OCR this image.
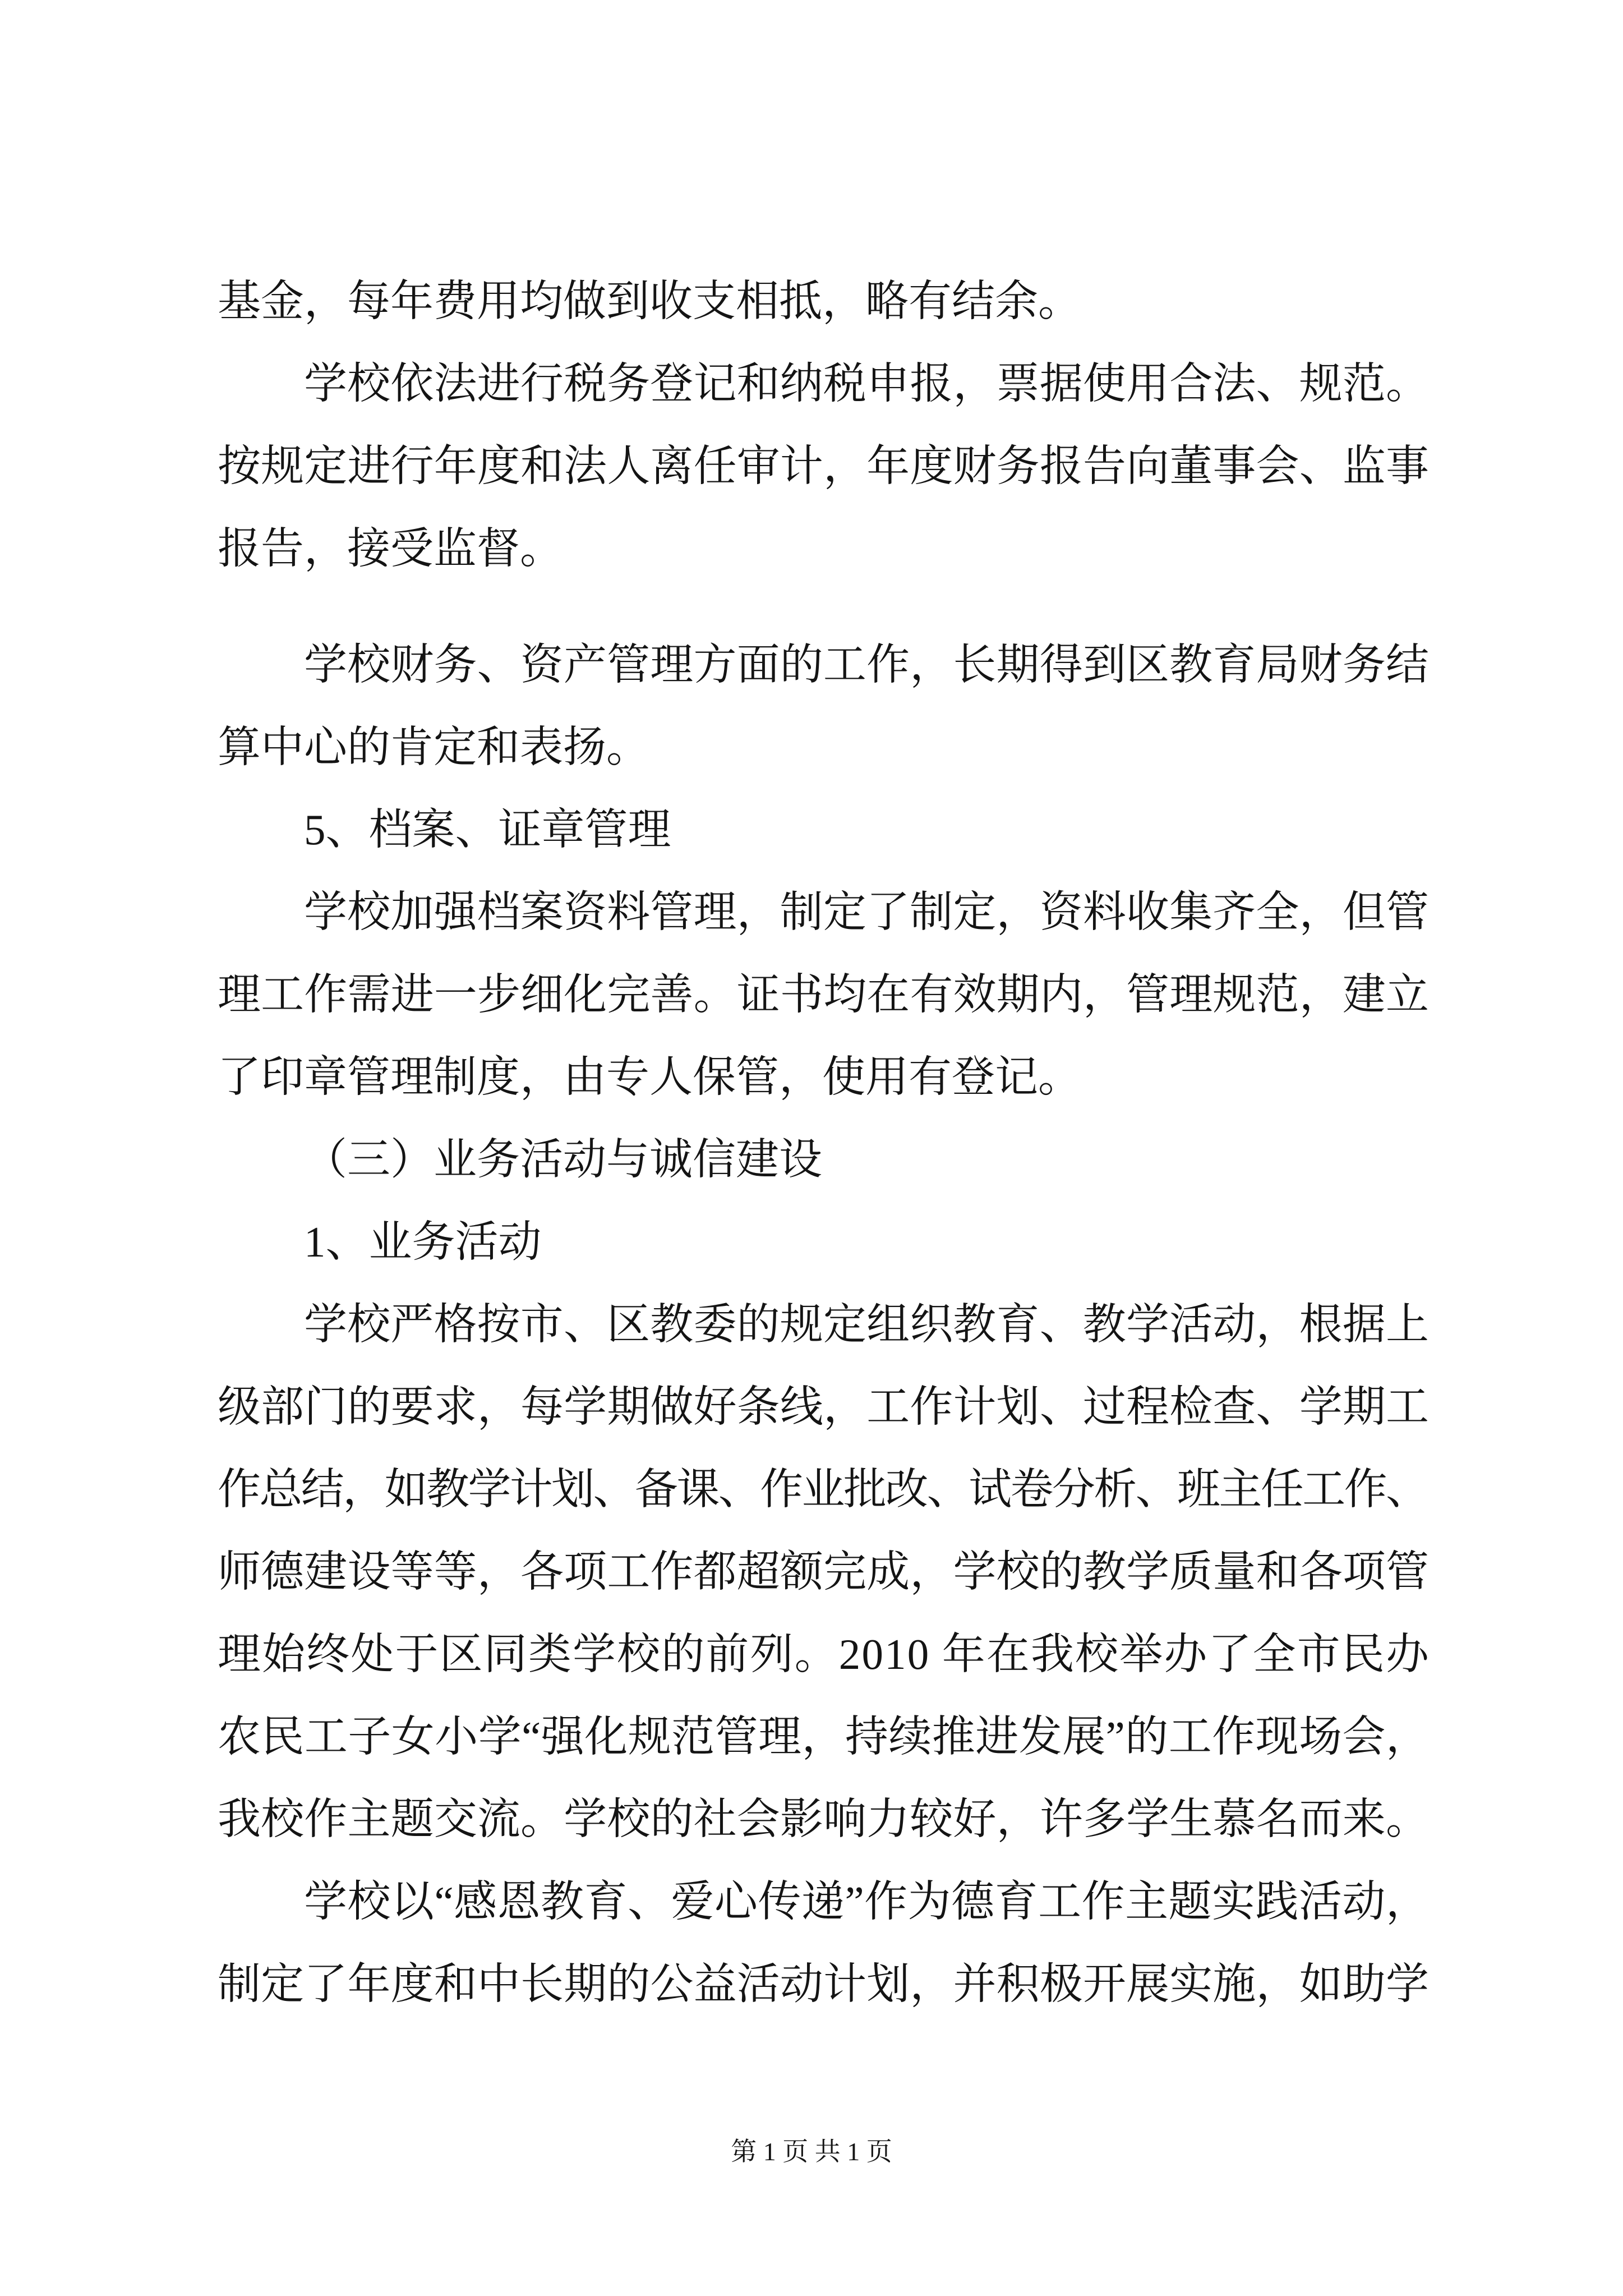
基金，每年费用均做到收支相抵，略有结余。
学校依法进行税务登记和纳税申报，票据使用合法、规范。
按规定进行年度和法人离任审计，年度财务报告向董事会、监事
报告，接受监督。
学校财务、资产管理方面的工作，长期得到区教育局财务结
算中心的肯定和表扬。
5、档案、证章管理
学校加强档案资料管理，制定了制定，资料收集齐全，但管
理工作需进一步细化完善。证书均在有效期内，管理规范，建立
了印章管理制度，由专人保管，使用有登记。
（三）业务活动与诚信建设
1、业务活动
学校严格按市、区教委的规定组织教育、教学活动，根据上
级部门的要求，每学期做好条线，工作计划、过程检查、学期工
作总结，如教学计划、备课、作业批改、试卷分析、班主任工作、
师德建设等等，各项工作都超额完成，学校的教学质量和各项管
理始终处于区同类学校的前列。2010 年在我校举办了全市民办
农民工子女小学“强化规范管理，持续推进发展”的工作现场会，
我校作主题交流。学校的社会影响力较好，许多学生慕名而来。
学校以“感恩教育、爱心传递”作为德育工作主题实践活动，
制定了年度和中长期的公益活动计划，并积极开展实施，如助学
第 1 页 共 1 页
